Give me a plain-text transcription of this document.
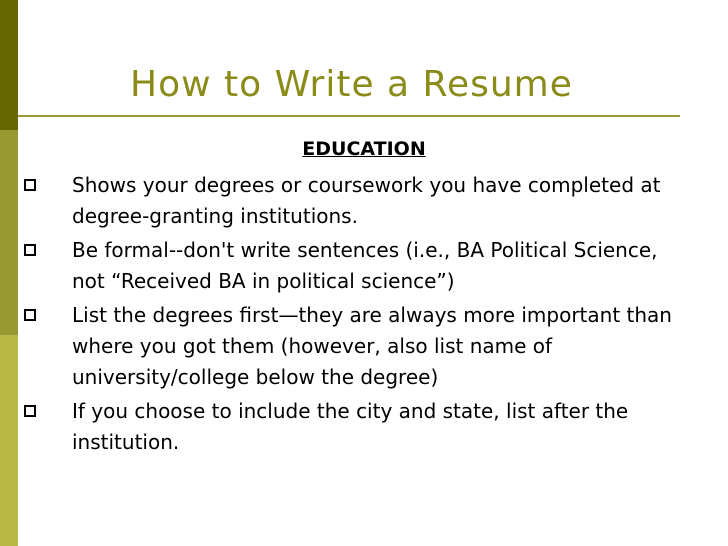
How to Write a Resume
EDUCATION
Shows your degrees or coursework you have completed at degree-granting institutions.
Be formal--don't write sentences (i.e., BA Political Science, not “Received BA in political science”)
List the degrees first—they are always more important than where you got them (however, also list name of university/college below the degree)
If you choose to include the city and state, list after the institution.
